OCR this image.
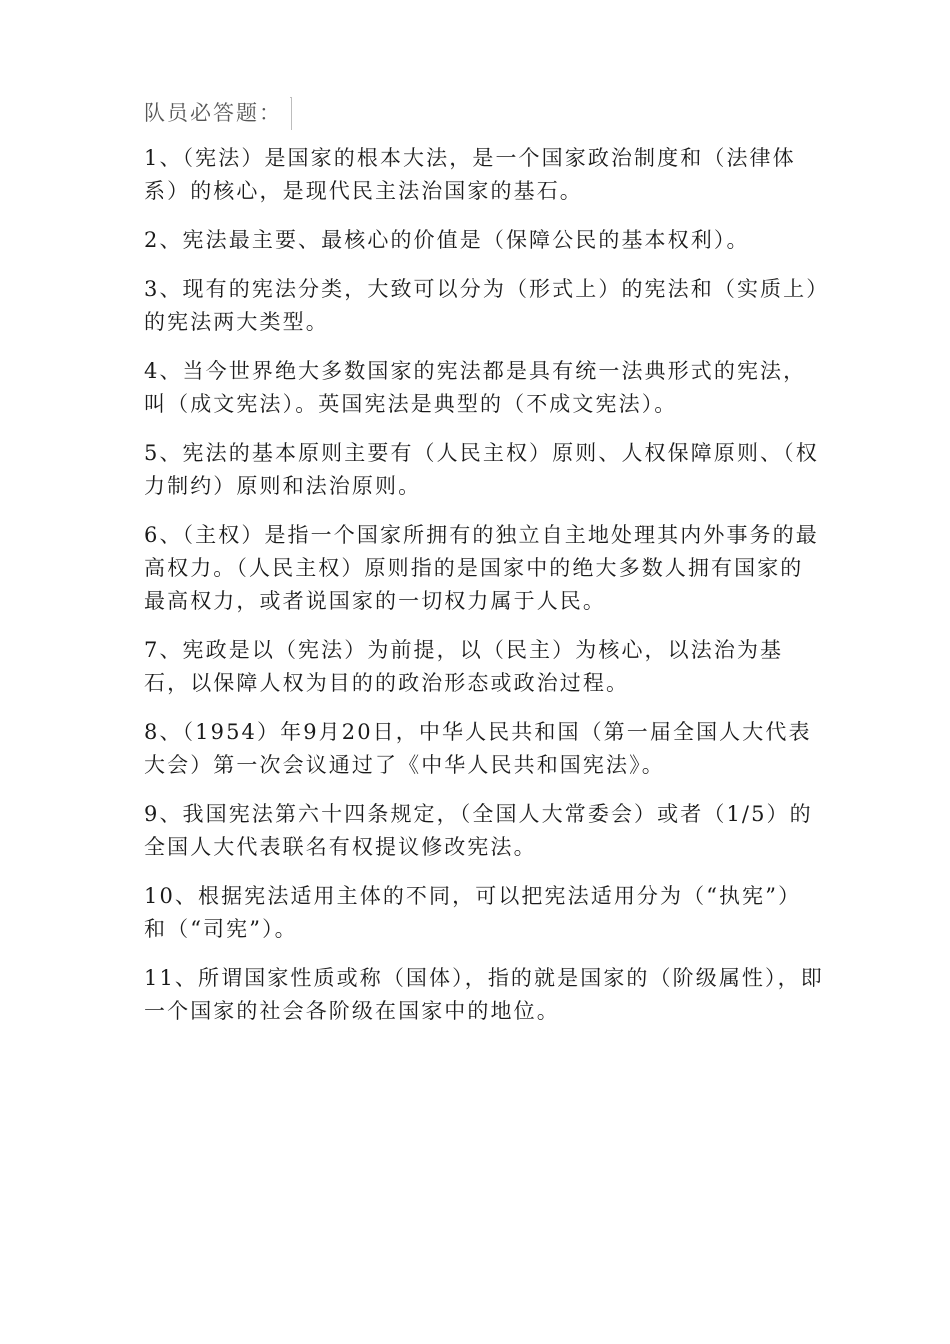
队员必答题：

1、（宪法）是国家的根本大法，是一个国家政治制度和（法律体系）的核心，是现代民主法治国家的基石。

2、宪法最主要、最核心的价值是（保障公民的基本权利）。

3、现有的宪法分类，大致可以分为（形式上）的宪法和（实质上）的宪法两大类型。

4、当今世界绝大多数国家的宪法都是具有统一法典形式的宪法，叫（成文宪法）。英国宪法是典型的（不成文宪法）。

5、宪法的基本原则主要有（人民主权）原则、人权保障原则、（权力制约）原则和法治原则。

6、（主权）是指一个国家所拥有的独立自主地处理其内外事务的最高权力。（人民主权）原则指的是国家中的绝大多数人拥有国家的最高权力，或者说国家的一切权力属于人民。

7、宪政是以（宪法）为前提，以（民主）为核心，以法治为基石，以保障人权为目的的政治形态或政治过程。

8、（1954）年9月20日，中华人民共和国（第一届全国人大代表大会）第一次会议通过了《中华人民共和国宪法》。

9、我国宪法第六十四条规定，（全国人大常委会）或者（1/5）的全国人大代表联名有权提议修改宪法。

10、根据宪法适用主体的不同，可以把宪法适用分为（“执宪”）和（“司宪”）。

11、所谓国家性质或称（国体），指的就是国家的（阶级属性），即一个国家的社会各阶级在国家中的地位。
